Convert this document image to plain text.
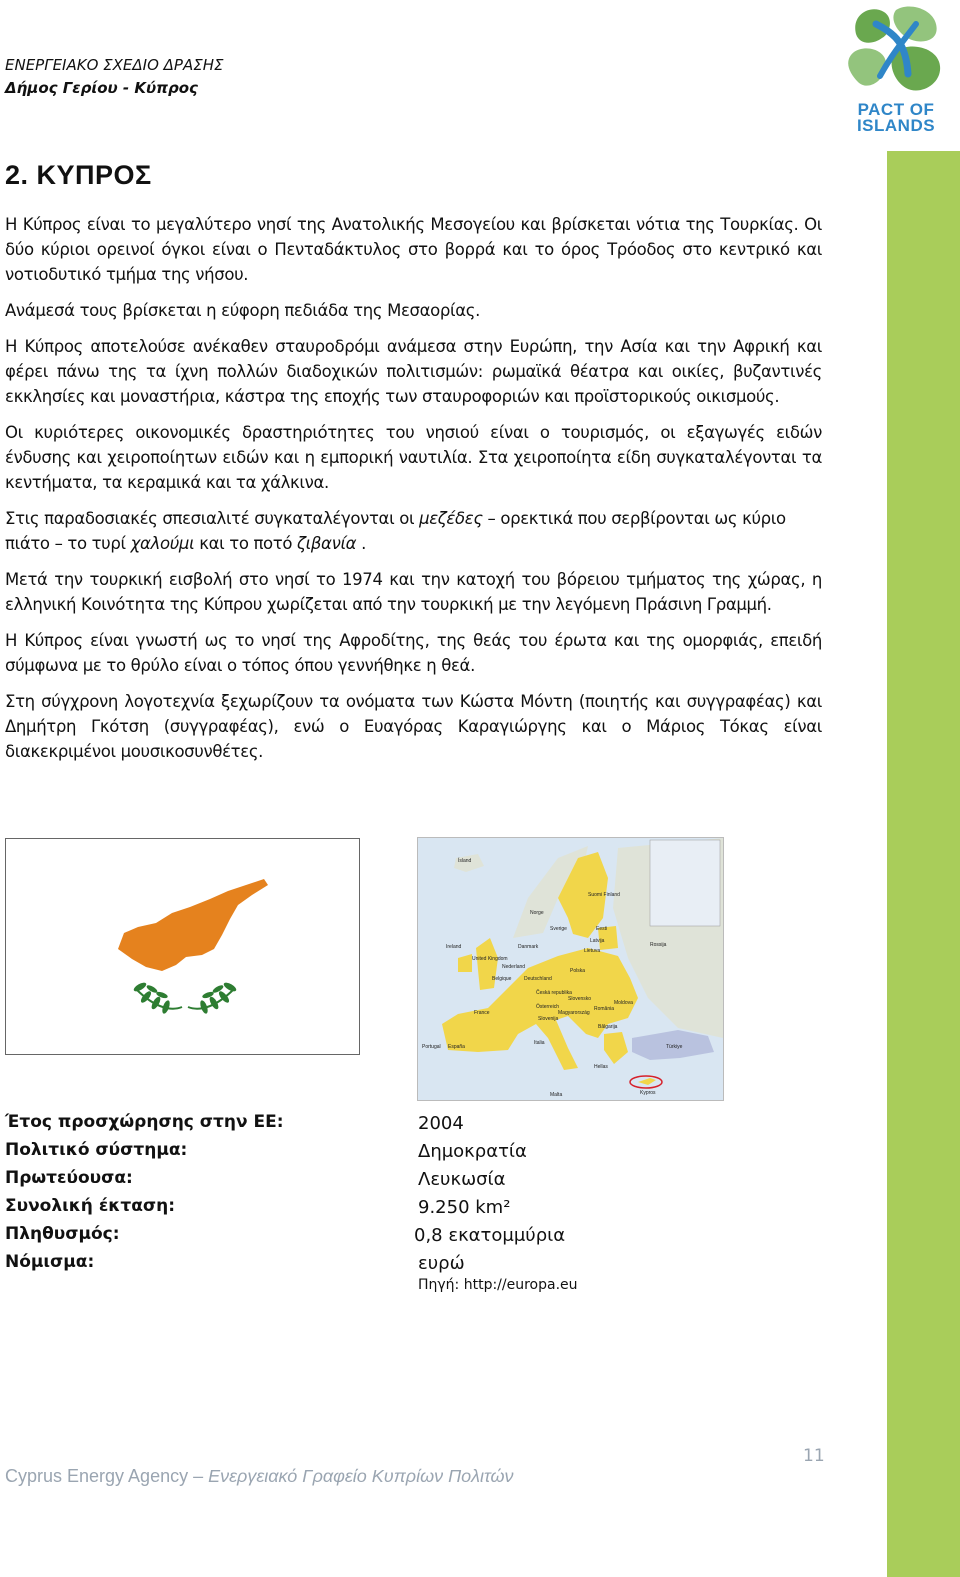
ΕΝΕΡΓΕΙΑΚΟ ΣΧΕΔΙΟ ΔΡΑΣΗΣ
Δήμος Γερίου - Κύπρος
PACT OF
ISLANDS
2. ΚΥΠΡΟΣ

Η Κύπρος είναι το μεγαλύτερο νησί της Ανατολικής Μεσογείου και βρίσκεται νότια της Τουρκίας. Οι δύο κύριοι ορεινοί όγκοι είναι ο Πενταδάκτυλος στο βορρά και το όρος Τρόοδος στο κεντρικό και νοτιοδυτικό τμήμα της νήσου.

Ανάμεσά τους βρίσκεται η εύφορη πεδιάδα της Μεσαορίας.

Η Κύπρος αποτελούσε ανέκαθεν σταυροδρόμι ανάμεσα στην Ευρώπη, την Ασία και την Αφρική και φέρει πάνω της τα ίχνη πολλών διαδοχικών πολιτισμών: ρωμαϊκά θέατρα και οικίες, βυζαντινές εκκλησίες και μοναστήρια, κάστρα της εποχής των σταυροφοριών και προϊστορικούς οικισμούς.

Οι κυριότερες οικονομικές δραστηριότητες του νησιού είναι ο τουρισμός, οι εξαγωγές ειδών ένδυσης και χειροποίητων ειδών και η εμπορική ναυτιλία. Στα χειροποίητα είδη συγκαταλέγονται τα κεντήματα, τα κεραμικά και τα χάλκινα.

Στις παραδοσιακές σπεσιαλιτέ συγκαταλέγονται οι μεζέδες – ορεκτικά που σερβίρονται ως κύριο πιάτο – το τυρί χαλούμι και το ποτό ζιβανία .

Μετά την τουρκική εισβολή στο νησί το 1974 και την κατοχή του βόρειου τμήματος της χώρας, η ελληνική Κοινότητα της Κύπρου χωρίζεται από την τουρκική με την λεγόμενη Πράσινη Γραμμή.

Η Κύπρος είναι γνωστή ως το νησί της Αφροδίτης, της θεάς του έρωτα και της ομορφιάς, επειδή σύμφωνα με το θρύλο είναι ο τόπος όπου γεννήθηκε η θεά.

Στη σύγχρονη λογοτεχνία ξεχωρίζουν τα ονόματα των Κώστα Μόντη (ποιητής και συγγραφέας) και Δημήτρη Γκότση (συγγραφέας), ενώ ο Ευαγόρας Καραγιώργης και ο Μάριος Τόκας είναι διακεκριμένοι μουσικοσυνθέτες.

Ísland
Norge
Sverige
Suomi Finland
Eesti
Latvija
Lietuva
Rossija
Danmark
Ireland
United Kingdom
Nederland
Belgique	Deutschland
Polska
Česká republika
Slovensko
Magyarország
România
Moldova
France
Österreich
Slovenija
Italia
España
Portugal
Bălgarija
Hellas
Türkiye
Kypros
Malta
Έτος προσχώρησης στην ΕΕ:
Πολιτικό σύστημα:
Πρωτεύουσα:
Συνολική έκταση:
Πληθυσμός:
Νόμισμα:
2004
Δημοκρατία
Λευκωσία
9.250 km²
0,8 εκατομμύρια
ευρώ
Πηγή: http://europa.eu
11
Cyprus Energy Agency – Ενεργειακό Γραφείο Κυπρίων Πολιτών
